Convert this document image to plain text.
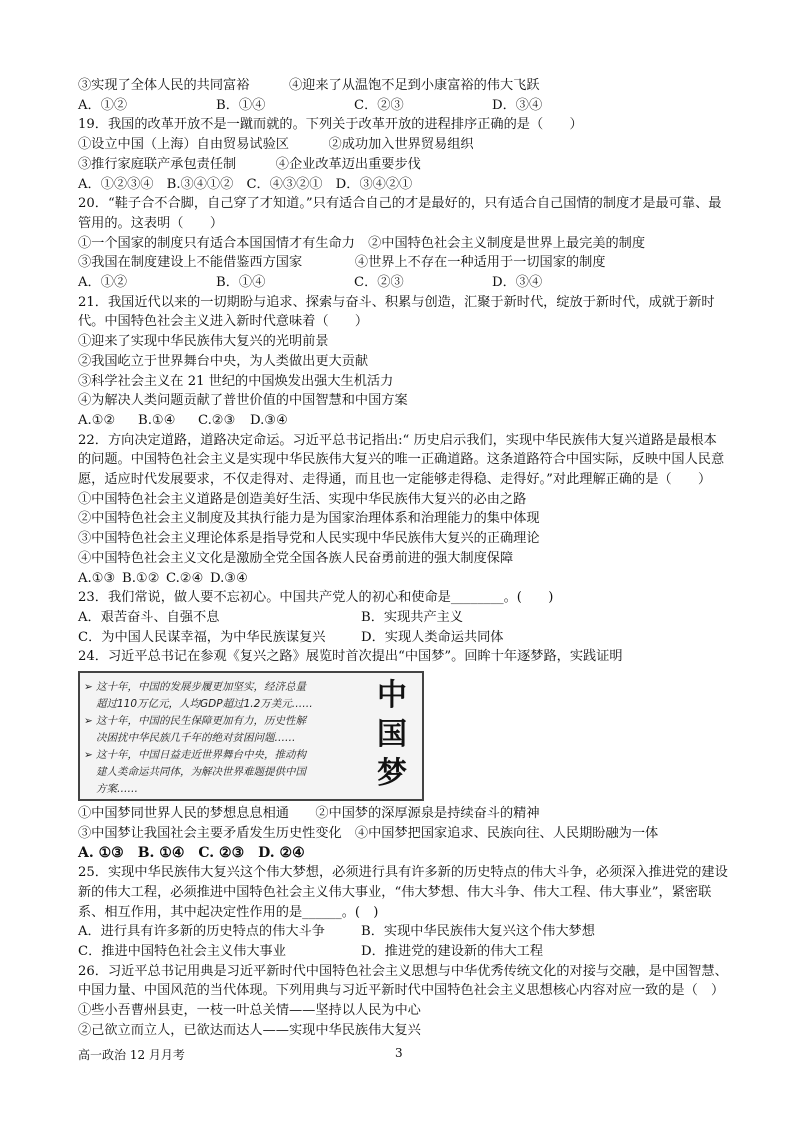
③实现了全体人民的共同富裕　　　④迎来了从温饱不足到小康富裕的伟大飞跃
A．①②	B．①④	C．②③	D．③④
19．我国的改革开放不是一蹴而就的。下列关于改革开放的进程排序正确的是（　　）
①设立中国（上海）自由贸易试验区　　　②成功加入世界贸易组织
③推行家庭联产承包责任制　　　④企业改革迈出重要步伐
A．①②③④　B.③④①②　C．④③②①　D．③④②①
20．“鞋子合不合脚，自己穿了才知道。”只有适合自己的才是最好的，只有适合自己国情的制度才是最可靠、最管用的。这表明（　　）
①一个国家的制度只有适合本国国情才有生命力　②中国特色社会主义制度是世界上最完美的制度
③我国在制度建设上不能借鉴西方国家　　　　④世界上不存在一种适用于一切国家的制度
A．①②	B．①④	C．②③	D．③④
21．我国近代以来的一切期盼与追求、探索与奋斗、积累与创造，汇聚于新时代，绽放于新时代，成就于新时代。中国特色社会主义进入新时代意味着（　　）
①迎来了实现中华民族伟大复兴的光明前景
②我国屹立于世界舞台中央，为人类做出更大贡献
③科学社会主义在 21 世纪的中国焕发出强大生机活力
④为解决人类问题贡献了普世价值的中国智慧和中国方案
A.①②	B.①④	C.②③	D.③④
22．方向决定道路，道路决定命运。习近平总书记指出:“ 历史启示我们，实现中华民族伟大复兴道路是最根本的问题。中国特色社会主义是实现中华民族伟大复兴的唯一正确道路。这条道路符合中国实际，反映中国人民意愿，适应时代发展要求，不仅走得对、走得通，而且也一定能够走得稳、走得好。”对此理解正确的是（　　）
①中国特色社会主义道路是创造美好生活、实现中华民族伟大复兴的必由之路
②中国特色社会主义制度及其执行能力是为国家治理体系和治理能力的集中体现
③中国特色社会主义理论体系是指导党和人民实现中华民族伟大复兴的正确理论
④中国特色社会主义文化是激励全党全国各族人民奋勇前进的强大制度保障
A.①③ B.①② C.②④ D.③④
23．我们常说，做人要不忘初心。中国共产党人的初心和使命是________。(　　)
A．艰苦奋斗、自强不息	B．实现共产主义
C．为中国人民谋幸福，为中华民族谋复兴	D．实现人类命运共同体
24．习近平总书记在参观《复兴之路》展览时首次提出“中国梦”。回眸十年逐梦路，实践证明
➢ 这十年，中国的发展步履更加坚实，经济总量
超过110万亿元，人均GDP超过1.2万美元……
➢ 这十年，中国的民生保障更加有力，历史性解
决困扰中华民族几千年的绝对贫困问题……
➢ 这十年，中国日益走近世界舞台中央，推动构
建人类命运共同体，为解决世界难题提供中国
方案……
中
国
梦
①中国梦同世界人民的梦想息息相通　　②中国梦的深厚源泉是持续奋斗的精神
③中国梦让我国社会主要矛盾发生历史性变化　④中国梦把国家追求、民族向往、人民期盼融为一体
A. ①③　B. ①④　C. ②③　D. ②④
25．实现中华民族伟大复兴这个伟大梦想，必须进行具有许多新的历史特点的伟大斗争，必须深入推进党的建设新的伟大工程，必须推进中国特色社会主义伟大事业，“伟大梦想、伟大斗争、伟大工程、伟大事业”，紧密联系、相互作用，其中起决定性作用的是______。(　)
A．进行具有许多新的历史特点的伟大斗争	B．实现中华民族伟大复兴这个伟大梦想
C．推进中国特色社会主义伟大事业	D．推进党的建设新的伟大工程
26．习近平总书记用典是习近平新时代中国特色社会主义思想与中华优秀传统文化的对接与交融，是中国智慧、中国力量、中国风范的当代体现。下列用典与习近平新时代中国特色社会主义思想核心内容对应一致的是（　）
①些小吾曹州县吏，一枝一叶总关情——坚持以人民为中心
②己欲立而立人，已欲达而达人——实现中华民族伟大复兴
高一政治 12 月月考	3
